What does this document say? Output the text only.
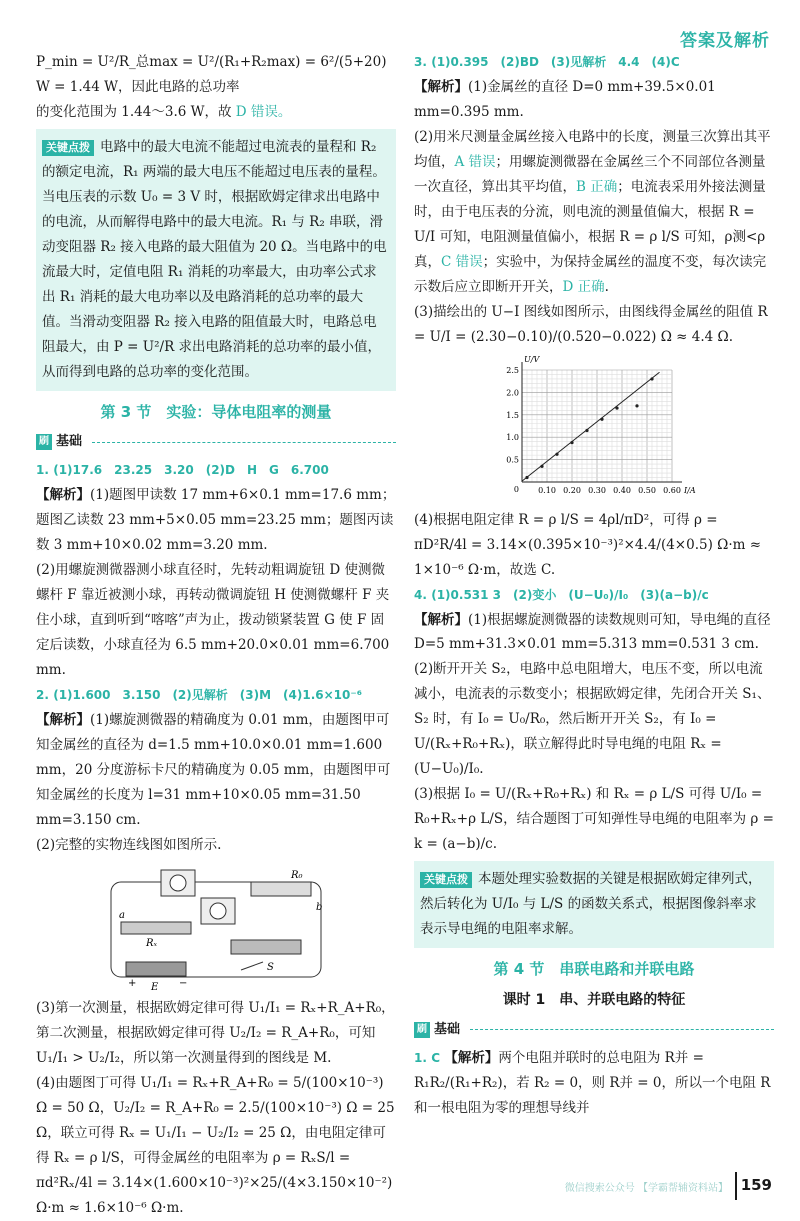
答案及解析

P_min = U²/R_总max = U²/(R₁+R₂max) = 6²/(5+20) W = 1.44 W，因此电路的总功率

的变化范围为 1.44～3.6 W，故 D 错误。

关键点拨 电路中的最大电流不能超过电流表的量程和 R₂ 的额定电流，R₁ 两端的最大电压不能超过电压表的量程。当电压表的示数 U₀ = 3 V 时，根据欧姆定律求出电路中的电流，从而解得电路中的最大电流。R₁ 与 R₂ 串联，滑动变阻器 R₂ 接入电路的最大阻值为 20 Ω。当电路中的电流最大时，定值电阻 R₁ 消耗的功率最大，由功率公式求出 R₁ 消耗的最大电功率以及电路消耗的总功率的最大值。当滑动变阻器 R₂ 接入电路的阻值最大时，电路总电阻最大，由 P = U²/R 求出电路消耗的总功率的最小值，从而得到电路的总功率的变化范围。
第 3 节　实验：导体电阻率的测量
刷 基础

1. (1)17.6　23.25　3.20　(2)D　H　G　6.700

【解析】(1)题图甲读数 17 mm+6×0.1 mm=17.6 mm；题图乙读数 23 mm+5×0.05 mm=23.25 mm；题图丙读数 3 mm+10×0.02 mm=3.20 mm.

(2)用螺旋测微器测小球直径时，先转动粗调旋钮 D 使测微螺杆 F 靠近被测小球，再转动微调旋钮 H 使测微螺杆 F 夹住小球，直到听到“喀喀”声为止，拨动锁紧装置 G 使 F 固定后读数，小球直径为 6.5 mm+20.0×0.01 mm=6.700 mm.

2. (1)1.600　3.150　(2)见解析　(3)M　(4)1.6×10⁻⁶

【解析】(1)螺旋测微器的精确度为 0.01 mm，由题图甲可知金属丝的直径为 d=1.5 mm+10.0×0.01 mm=1.600 mm，20 分度游标卡尺的精确度为 0.05 mm，由题图甲可知金属丝的长度为 l=31 mm+10×0.05 mm=31.50 mm=3.150 cm.

(2)完整的实物连线图如图所示.

R₀
b
a
Rₓ
+	−
E
S

(3)第一次测量，根据欧姆定律可得 U₁/I₁ = Rₓ+R_A+R₀，第二次测量，根据欧姆定律可得 U₂/I₂ = R_A+R₀，可知 U₁/I₁ > U₂/I₂，所以第一次测量得到的图线是 M.

(4)由题图丁可得 U₁/I₁ = Rₓ+R_A+R₀ = 5/(100×10⁻³) Ω = 50 Ω，U₂/I₂ = R_A+R₀ = 2.5/(100×10⁻³) Ω = 25 Ω，联立可得 Rₓ = U₁/I₁ − U₂/I₂ = 25 Ω，由电阻定律可得 Rₓ = ρ l/S，可得金属丝的电阻率为 ρ = RₓS/l = πd²Rₓ/4l = 3.14×(1.600×10⁻³)²×25/(4×3.150×10⁻²) Ω·m ≈ 1.6×10⁻⁶ Ω·m.

3. (1)0.395　(2)BD　(3)见解析　4.4　(4)C

【解析】(1)金属丝的直径 D=0 mm+39.5×0.01 mm=0.395 mm.

(2)用米尺测量金属丝接入电路中的长度，测量三次算出其平均值，A 错误；用螺旋测微器在金属丝三个不同部位各测量一次直径，算出其平均值，B 正确；电流表采用外接法测量时，由于电压表的分流，则电流的测量值偏大，根据 R = U/I 可知，电阻测量值偏小，根据 R = ρ l/S 可知，ρ测<ρ真，C 错误；实验中，为保持金属丝的温度不变，每次读完示数后应立即断开开关，D 正确.

(3)描绘出的 U−I 图线如图所示，由图线得金属丝的阻值 R = U/I = (2.30−0.10)/(0.520−0.022) Ω ≈ 4.4 Ω.

0.10 0.20 0.30 0.40 0.50 0.60
0.5
1.0
1.5
2.0
2.5
0	I/A
U/V

(4)根据电阻定律 R = ρ l/S = 4ρl/πD²，可得 ρ = πD²R/4l = 3.14×(0.395×10⁻³)²×4.4/(4×0.5) Ω·m ≈ 1×10⁻⁶ Ω·m，故选 C.

4. (1)0.531 3　(2)变小　(U−U₀)/I₀　(3)(a−b)/c

【解析】(1)根据螺旋测微器的读数规则可知，导电绳的直径 D=5 mm+31.3×0.01 mm=5.313 mm=0.531 3 cm.

(2)断开开关 S₂，电路中总电阻增大，电压不变，所以电流减小，电流表的示数变小；根据欧姆定律，先闭合开关 S₁、S₂ 时，有 I₀ = U₀/R₀，然后断开开关 S₂，有 I₀ = U/(Rₓ+R₀+Rₓ)，联立解得此时导电绳的电阻 Rₓ = (U−U₀)/I₀.

(3)根据 I₀ = U/(Rₓ+R₀+Rₓ) 和 Rₓ = ρ L/S 可得 U/I₀ = R₀+Rₓ+ρ L/S，结合题图丁可知弹性导电绳的电阻率为 ρ = k = (a−b)/c.

关键点拨 本题处理实验数据的关键是根据欧姆定律列式，然后转化为 U/I₀ 与 L/S 的函数关系式，根据图像斜率求表示导电绳的电阻率求解。
第 4 节　串联电路和并联电路
课时 1　串、并联电路的特征
刷 基础

1. C 【解析】两个电阻并联时的总电阻为 R并 = R₁R₂/(R₁+R₂)，若 R₂ = 0，则 R并 = 0，所以一个电阻 R 和一根电阻为零的理想导线并

微信搜索公众号 【学霸帮辅资料站】 159
